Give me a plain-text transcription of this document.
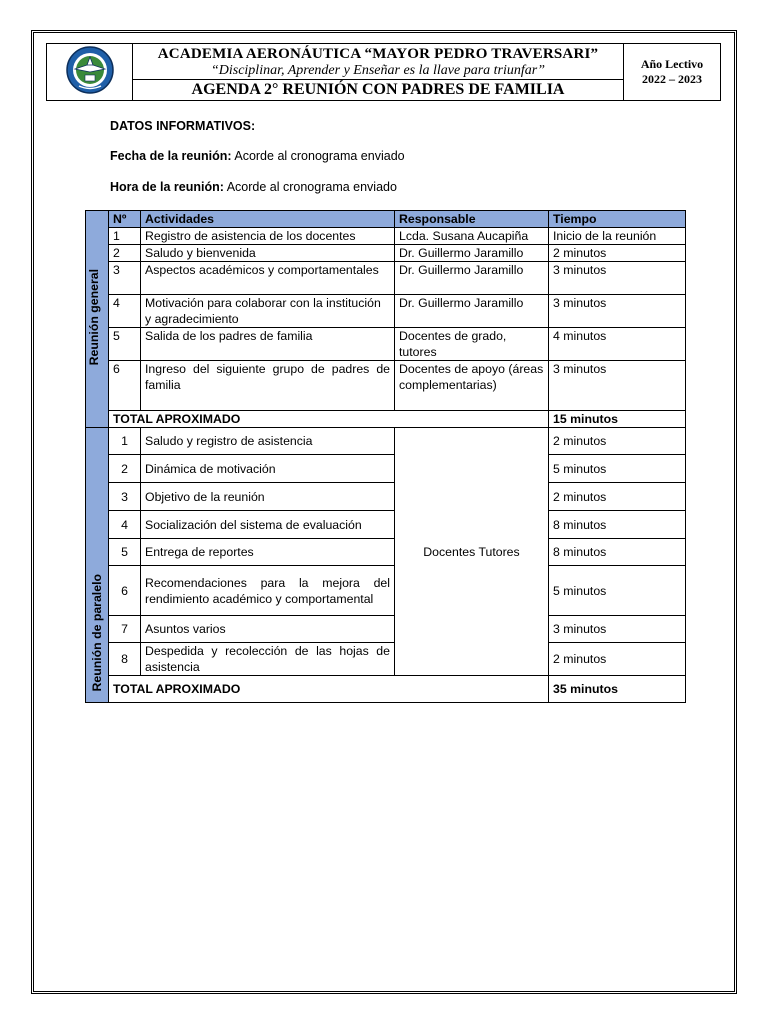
ACADEMIA AERONÁUTICA “MAYOR PEDRO TRAVERSARI”
“Disciplinar, Aprender y Enseñar es la llave para triunfar”
AGENDA 2° REUNIÓN CON PADRES DE FAMILIA

Año Lectivo
2022 – 2023
DATOS INFORMATIVOS:
Fecha de la reunión: Acorde al cronograma enviado
Hora de la reunión: Acorde al cronograma enviado
Reunión general	Nº	Actividades	Responsable	Tiempo
	1	Registro de asistencia de los docentes	Lcda. Susana Aucapiña	Inicio de la reunión
	2	Saludo y bienvenida	Dr. Guillermo Jaramillo	2 minutos
	3	Aspectos académicos y comportamentales	Dr. Guillermo Jaramillo	3 minutos
	4	Motivación para colaborar con la institución y agradecimiento	Dr. Guillermo Jaramillo	3 minutos
	5	Salida de los padres de familia	Docentes de grado, tutores	4 minutos
	6	Ingreso del siguiente grupo de padres de familia	Docentes de apoyo (áreas complementarias)	3 minutos
	TOTAL APROXIMADO			15 minutos
Reunión de paralelo	1	Saludo y registro de asistencia	Docentes Tutores	2 minutos
	2	Dinámica de motivación		5 minutos
	3	Objetivo de la reunión		2 minutos
	4	Socialización del sistema de evaluación		8 minutos
	5	Entrega de reportes		8 minutos
	6	Recomendaciones para la mejora del rendimiento académico y comportamental		5 minutos
	7	Asuntos varios		3 minutos
	8	Despedida y recolección de las hojas de asistencia		2 minutos
	TOTAL APROXIMADO			35 minutos
